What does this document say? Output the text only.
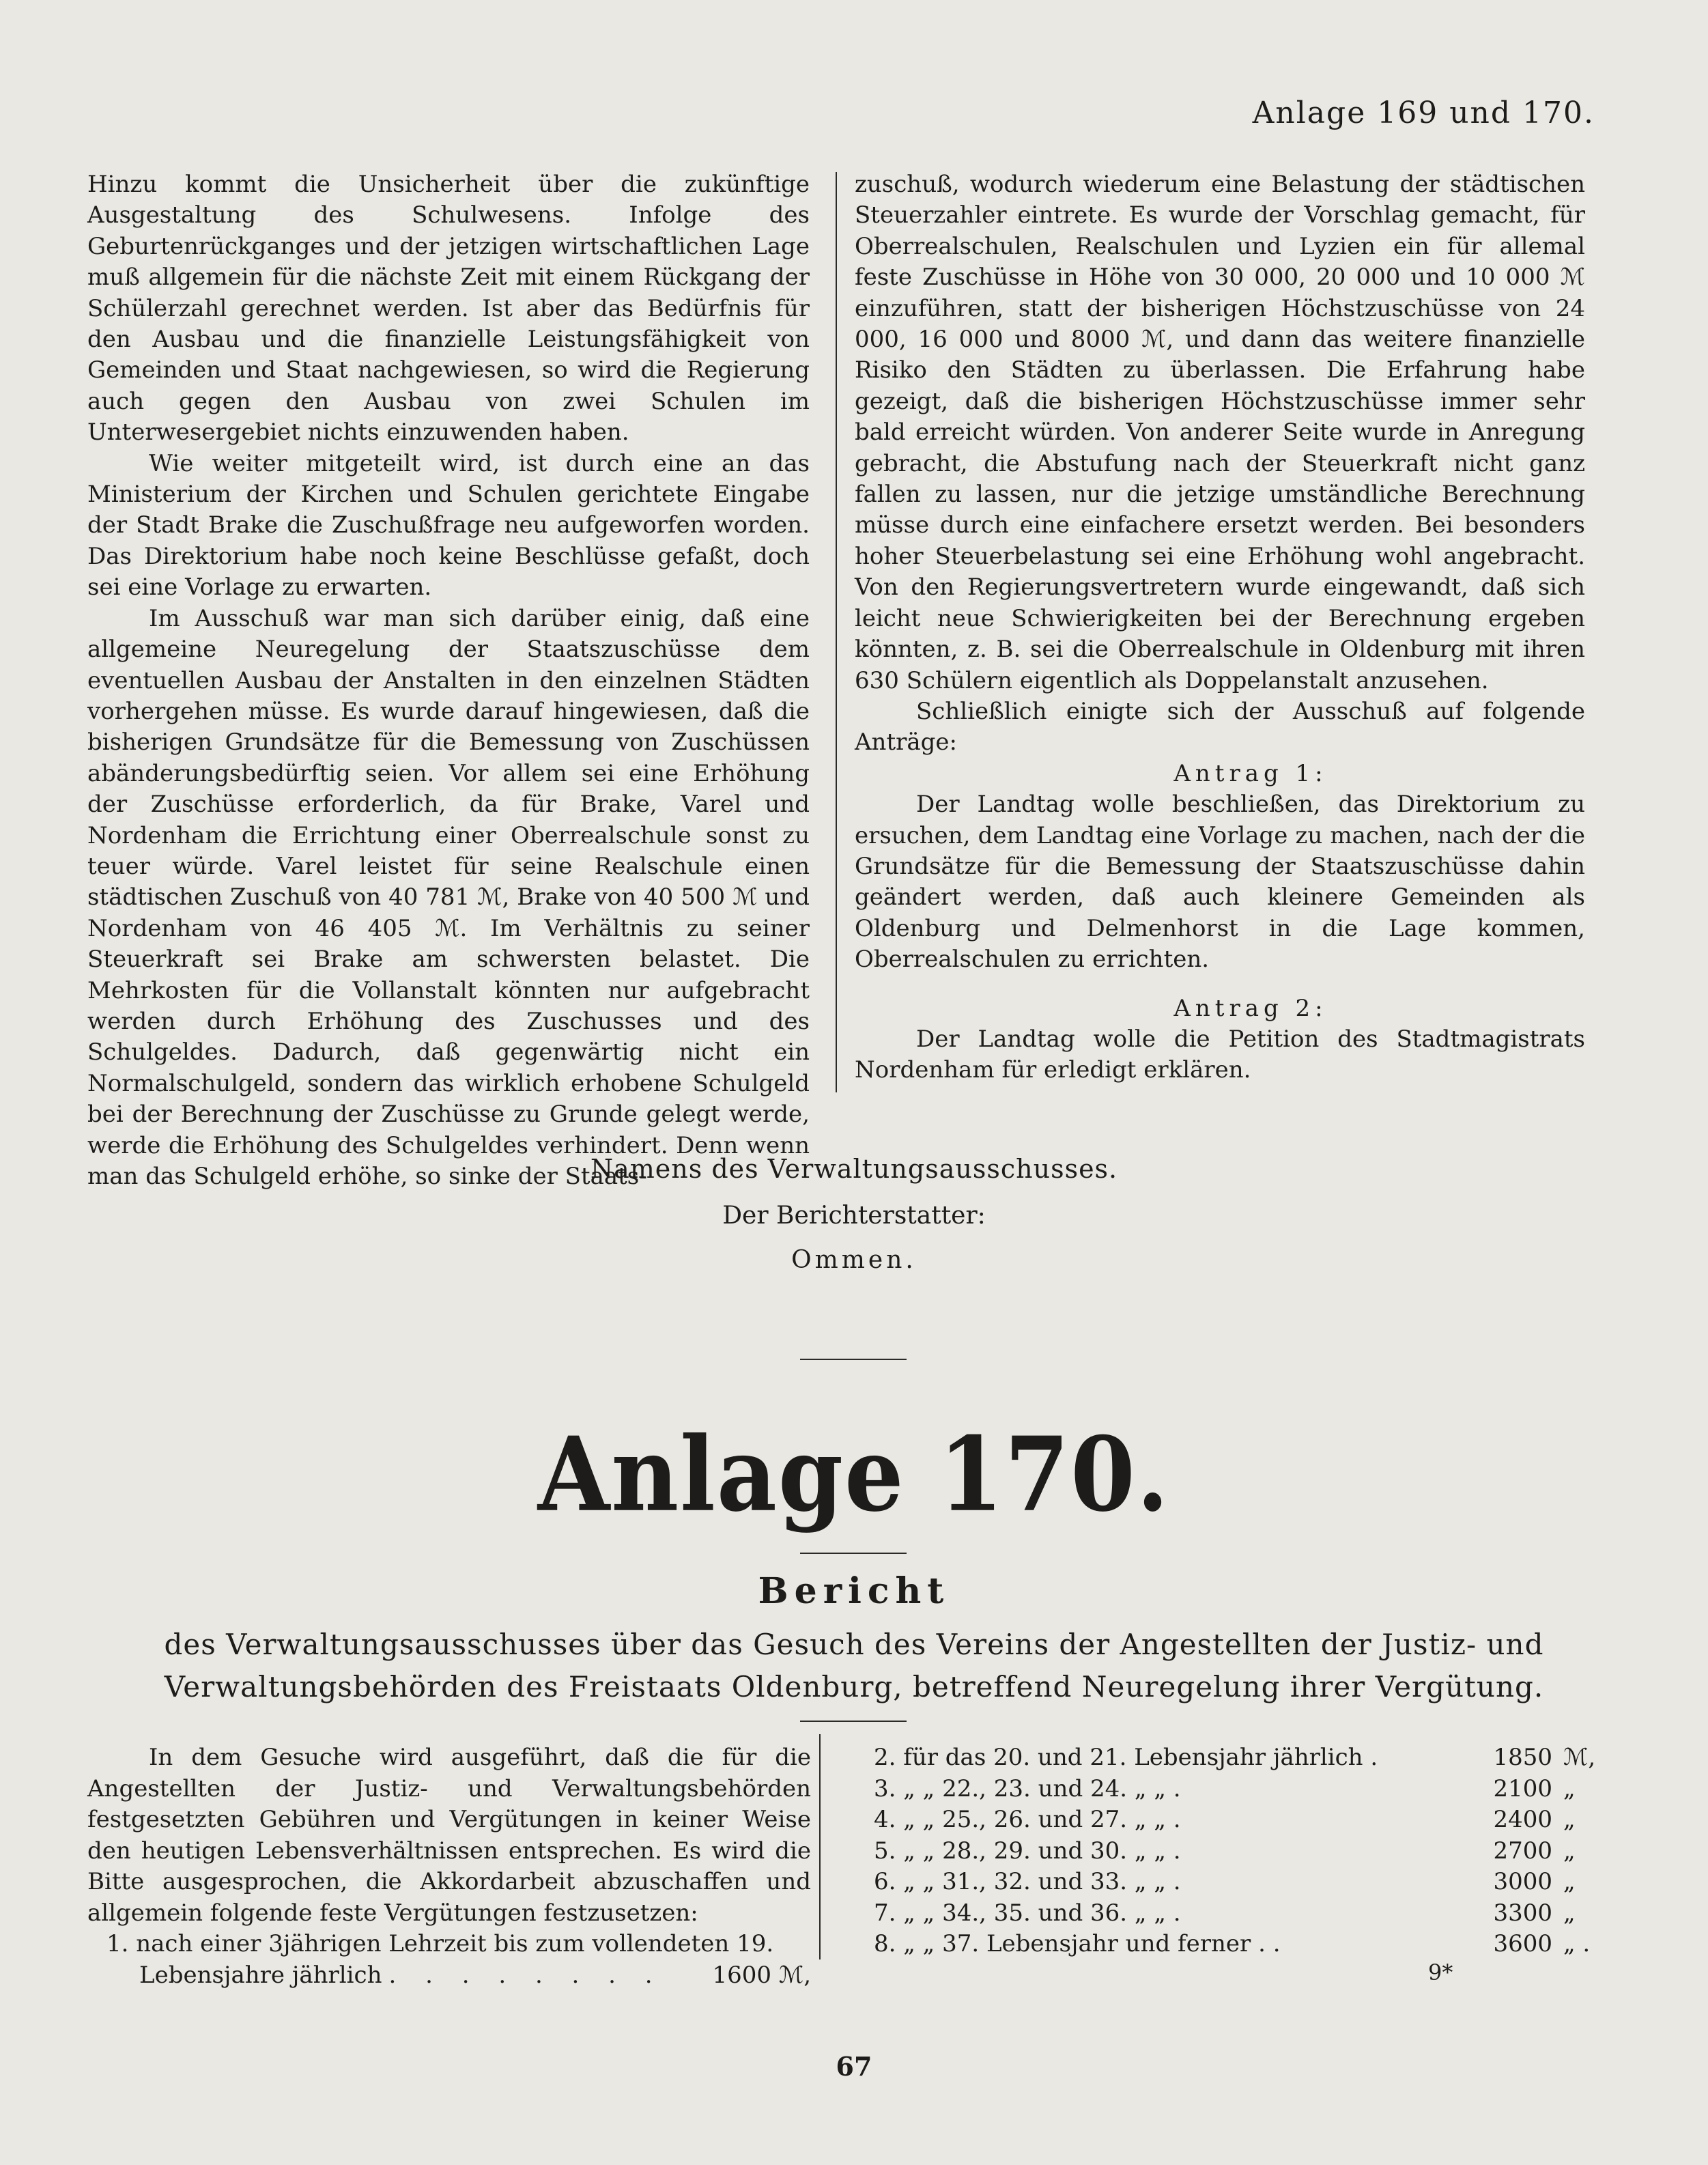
Anlage 169 und 170.

Hinzu kommt die Unsicherheit über die zukünftige Ausgestaltung des Schulwesens. Infolge des Geburtenrückganges und der jetzigen wirtschaftlichen Lage muß allgemein für die nächste Zeit mit einem Rückgang der Schülerzahl gerechnet werden. Ist aber das Bedürfnis für den Ausbau und die finanzielle Leistungsfähigkeit von Gemeinden und Staat nachgewiesen, so wird die Regierung auch gegen den Ausbau von zwei Schulen im Unterwesergebiet nichts einzuwenden haben.

Wie weiter mitgeteilt wird, ist durch eine an das Ministerium der Kirchen und Schulen gerichtete Eingabe der Stadt Brake die Zuschußfrage neu aufgeworfen worden. Das Direktorium habe noch keine Beschlüsse gefaßt, doch sei eine Vorlage zu erwarten.

Im Ausschuß war man sich darüber einig, daß eine allgemeine Neuregelung der Staatszuschüsse dem eventuellen Ausbau der Anstalten in den einzelnen Städten vorhergehen müsse. Es wurde darauf hingewiesen, daß die bisherigen Grundsätze für die Bemessung von Zuschüssen abänderungsbedürftig seien. Vor allem sei eine Erhöhung der Zuschüsse erforderlich, da für Brake, Varel und Nordenham die Errichtung einer Oberrealschule sonst zu teuer würde. Varel leistet für seine Realschule einen städtischen Zuschuß von 40 781 ℳ, Brake von 40 500 ℳ und Nordenham von 46 405 ℳ. Im Verhältnis zu seiner Steuerkraft sei Brake am schwersten belastet. Die Mehrkosten für die Vollanstalt könnten nur aufgebracht werden durch Erhöhung des Zuschusses und des Schulgeldes. Dadurch, daß gegenwärtig nicht ein Normalschulgeld, sondern das wirklich erhobene Schulgeld bei der Berechnung der Zuschüsse zu Grunde gelegt werde, werde die Erhöhung des Schulgeldes verhindert. Denn wenn man das Schulgeld erhöhe, so sinke der Staats-

zuschuß, wodurch wiederum eine Belastung der städtischen Steuerzahler eintrete. Es wurde der Vorschlag gemacht, für Oberrealschulen, Realschulen und Lyzien ein für allemal feste Zuschüsse in Höhe von 30 000, 20 000 und 10 000 ℳ einzuführen, statt der bisherigen Höchstzuschüsse von 24 000, 16 000 und 8000 ℳ, und dann das weitere finanzielle Risiko den Städten zu überlassen. Die Erfahrung habe gezeigt, daß die bisherigen Höchstzuschüsse immer sehr bald erreicht würden. Von anderer Seite wurde in Anregung gebracht, die Abstufung nach der Steuerkraft nicht ganz fallen zu lassen, nur die jetzige umständliche Berechnung müsse durch eine einfachere ersetzt werden. Bei besonders hoher Steuerbelastung sei eine Erhöhung wohl angebracht. Von den Regierungsvertretern wurde eingewandt, daß sich leicht neue Schwierigkeiten bei der Berechnung ergeben könnten, z. B. sei die Oberrealschule in Oldenburg mit ihren 630 Schülern eigentlich als Doppelanstalt anzusehen.

Schließlich einigte sich der Ausschuß auf folgende Anträge:

Antrag 1:

Der Landtag wolle beschließen, das Direktorium zu ersuchen, dem Landtag eine Vorlage zu machen, nach der die Grundsätze für die Bemessung der Staatszuschüsse dahin geändert werden, daß auch kleinere Gemeinden als Oldenburg und Delmenhorst in die Lage kommen, Oberrealschulen zu errichten.

Antrag 2:

Der Landtag wolle die Petition des Stadtmagistrats Nordenham für erledigt erklären.

Namens des Verwaltungsausschusses.
Der Berichterstatter:
Ommen.
Anlage 170.
Bericht
des Verwaltungsausschusses über das Gesuch des Vereins der Angestellten der Justiz- und Verwaltungsbehörden des Freistaats Oldenburg, betreffend Neuregelung ihrer Vergütung.

In dem Gesuche wird ausgeführt, daß die für die Angestellten der Justiz- und Verwaltungsbehörden festgesetzten Gebühren und Vergütungen in keiner Weise den heutigen Lebensverhältnissen entsprechen. Es wird die Bitte ausgesprochen, die Akkordarbeit abzuschaffen und allgemein folgende feste Vergütungen festzusetzen:

1. nach einer 3jährigen Lehrzeit bis zum vollendeten 19.

Lebensjahre jährlich . . . . . . . .	1600 ℳ,

2. für das 20. und 21. Lebensjahr jährlich .	1850 ℳ,
3. „ „ 22., 23. und 24. „ „ .	2100 „
4. „ „ 25., 26. und 27. „ „ .	2400 „
5. „ „ 28., 29. und 30. „ „ .	2700 „
6. „ „ 31., 32. und 33. „ „ .	3000 „
7. „ „ 34., 35. und 36. „ „ .	3300 „
8. „ „ 37. Lebensjahr und ferner . .	3600 „ .
9*
67
